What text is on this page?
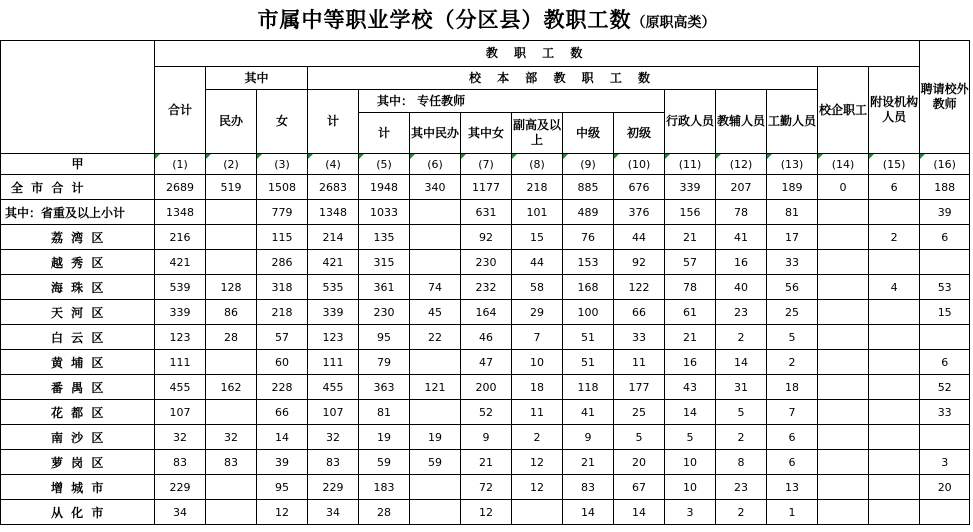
市属中等职业学校（分区县）教职工数（原职高类）
	教 职 工 数															聘请校外教师
	合计	其中		校 本 部 教 职 工 数										校企职工	附设机构人员	
		民办	女	计	其中： 专任教师						行政人员	教辅人员	工勤人员			
					计	其中民办	其中女	副高及以上	中级	初级						
甲	(1)	(2)	(3)	(4)	(5)	(6)	(7)	(8)	(9)	(10)	(11)	(12)	(13)	(14)	(15)	(16)
全 市 合 计	2689	519	1508	2683	1948	340	1177	218	885	676	339	207	189	0	6	188
其中：省重及以上小计	1348		779	1348	1033		631	101	489	376	156	78	81			39
荔 湾 区	216		115	214	135		92	15	76	44	21	41	17		2	6
越 秀 区	421		286	421	315		230	44	153	92	57	16	33			
海 珠 区	539	128	318	535	361	74	232	58	168	122	78	40	56		4	53
天 河 区	339	86	218	339	230	45	164	29	100	66	61	23	25			15
白 云 区	123	28	57	123	95	22	46	7	51	33	21	2	5			
黄 埔 区	111		60	111	79		47	10	51	11	16	14	2			6
番 禺 区	455	162	228	455	363	121	200	18	118	177	43	31	18			52
花 都 区	107		66	107	81		52	11	41	25	14	5	7			33
南 沙 区	32	32	14	32	19	19	9	2	9	5	5	2	6			
萝 岗 区	83	83	39	83	59	59	21	12	21	20	10	8	6			3
增 城 市	229		95	229	183		72	12	83	67	10	23	13			20
从 化 市	34		12	34	28		12		14	14	3	2	1			
